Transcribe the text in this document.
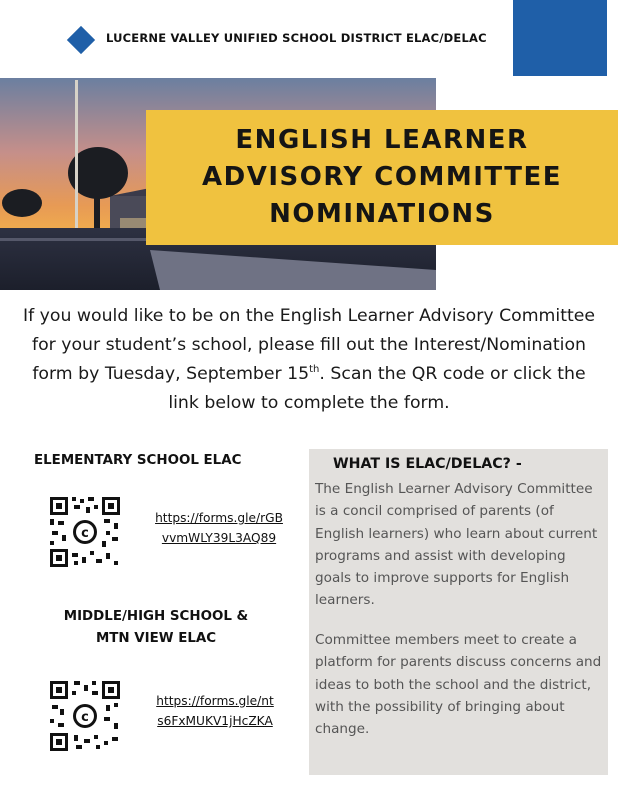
LUCERNE VALLEY UNIFIED SCHOOL DISTRICT ELAC/DELAC
ENGLISH LEARNER
ADVISORY COMMITTEE
NOMINATIONS
If you would like to be on the English Learner Advisory Committee
for your student’s school, please fill out the Interest/Nomination
form by Tuesday, September 15th. Scan the QR code or click the
link below to complete the form.
ELEMENTARY SCHOOL ELAC
c
https://forms.gle/rGB
vvmWLY39L3AQ89
MIDDLE/HIGH SCHOOL &
MTN VIEW ELAC
c
https://forms.gle/nt
s6FxMUKV1jHcZKA
WHAT IS ELAC/DELAC? -
The English Learner Advisory Committee is a concil comprised of parents (of English learners) who learn about current programs and assist with developing goals to improve supports for English learners.
Committee members meet to create a platform for parents discuss concerns and ideas to both the school and the district, with the possibility of bringing about change.
